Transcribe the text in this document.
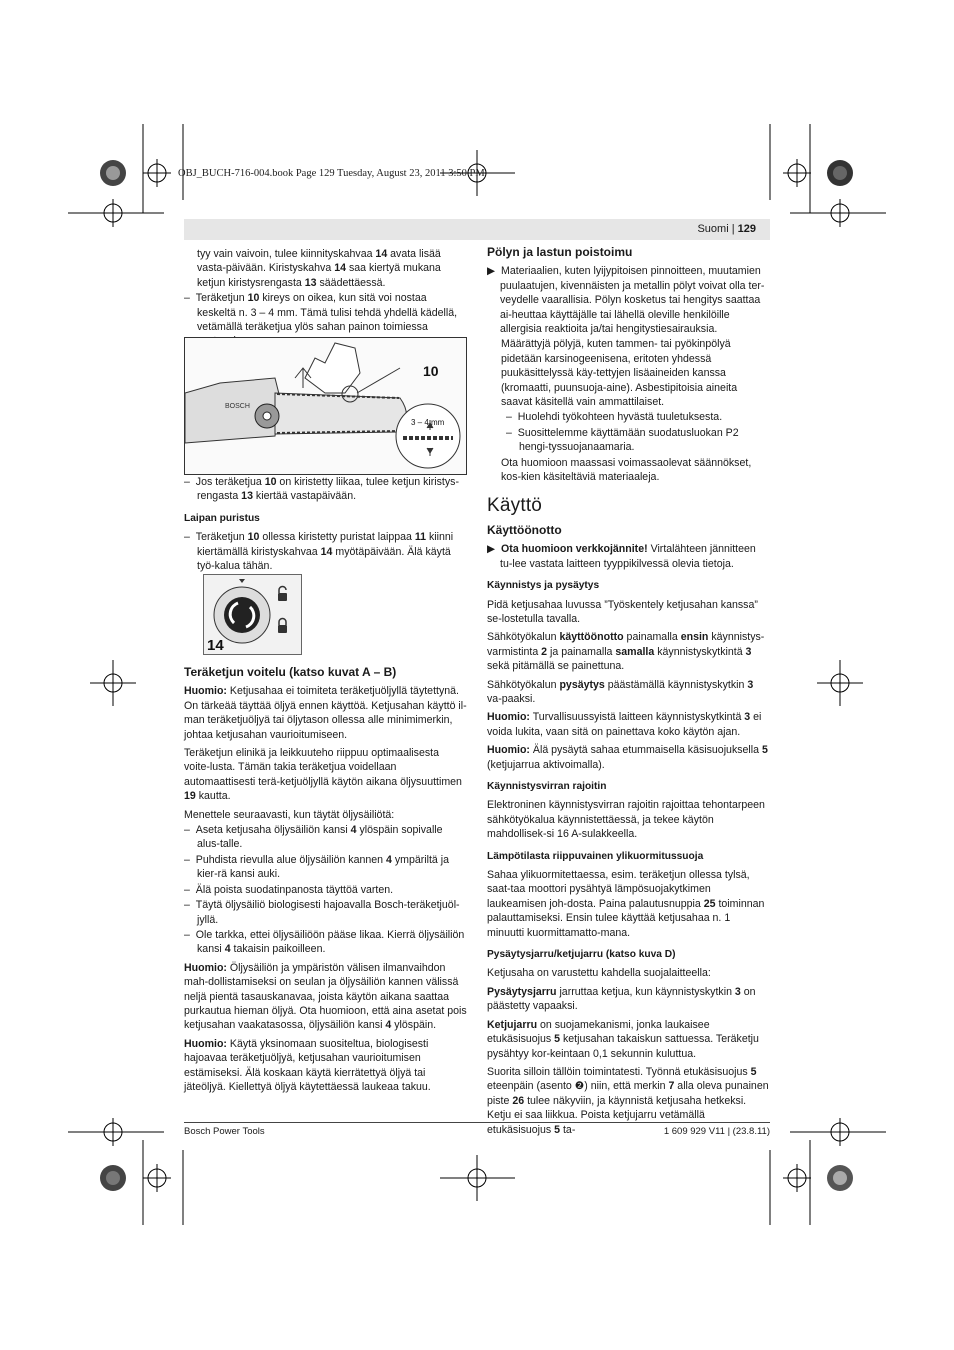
OBJ_BUCH-716-004.book Page 129 Tuesday, August 23, 2011 3:50 PM
Suomi | 129

tyy vain vaivoin, tulee kiinnityskahvaa 14 avata lisää vasta-päivään. Kiristyskahva 14 saa kiertyä mukana ketjun kiristysrengasta 13 säädettäessä.

–  Teräketjun 10 kireys on oikea, kun sitä voi nostaa keskeltä n. 3 – 4 mm. Tämä tulisi tehdä yhdellä kädellä, vetämällä teräketjua ylös sahan painon toimiessa

BOSCH
10
3 – 4 mm

–  Jos teräketjua 10 on kiristetty liikaa, tulee ketjun kiristys-rengasta 13 kiertää vastapäivään.

Laipan puristus

–  Teräketjun 10 ollessa kiristetty puristat laippaa 11 kiinni kiertämällä kiristyskahvaa 14 myötäpäivään. Älä käytä työ-kalua tähän.

14

Teräketjun voitelu (katso kuvat A – B)

Huomio: Ketjusahaa ei toimiteta teräketjuöljyllä täytettynä. On tärkeää täyttää öljyä ennen käyttöä. Ketjusahan käyttö il-man teräketjuöljyä tai öljytason ollessa alle minimimerkin, johtaa ketjusahan vaurioitumiseen.

Teräketjun elinikä ja leikkuuteho riippuu optimaalisesta voite-lusta. Tämän takia teräketjua voidellaan automaattisesti terä-ketjuöljyllä käytön aikana öljysuuttimen 19 kautta.

Menettele seuraavasti, kun täytät öljysäiliötä:

–  Aseta ketjusaha öljysäiliön kansi 4 ylöspäin sopivalle alus-talle.

–  Puhdista rievulla alue öljysäiliön kannen 4 ympäriltä ja kier-rä kansi auki.

–  Älä poista suodatinpanosta täyttöä varten.

–  Täytä öljysäiliö biologisesti hajoavalla Bosch-teräketjuöl-jyllä.

–  Ole tarkka, ettei öljysäiliöön pääse likaa. Kierrä öljysäiliön kansi 4 takaisin paikoilleen.

Huomio: Öljysäiliön ja ympäristön välisen ilmanvaihdon mah-dollistamiseksi on seulan ja öljysäiliön kannen välissä neljä pientä tasauskanavaa, joista käytön aikana saattaa purkautua hieman öljyä. Ota huomioon, että aina asetat pois ketjusahan vaakatasossa, öljysäiliön kansi 4 ylöspäin.

Huomio: Käytä yksinomaan suositeltua, biologisesti hajoavaa teräketjuöljyä, ketjusahan vaurioitumisen estämiseksi. Älä koskaan käytä kierrätettyä öljyä tai jäteöljyä. Kiellettyä öljyä käytettäessä laukeaa takuu.

Pölyn ja lastun poistoimu

▶  Materiaalien, kuten lyijypitoisen pinnoitteen, muutamien puulaatujen, kivennäisten ja metallin pölyt voivat olla ter-veydelle vaarallisia. Pölyn kosketus tai hengitys saattaa ai-heuttaa käyttäjälle tai lähellä oleville henkilöille allergisia reaktioita ja/tai hengitystiesairauksia.

Määrättyjä pölyjä, kuten tammen- tai pyökinpölyä pidetään karsinogeenisena, eritoten yhdessä puukäsittelyssä käy-tettyjen lisäaineiden kanssa (kromaatti, puunsuoja-aine). Asbestipitoisia aineita saavat käsitellä vain ammattilaiset.

–  Huolehdi työkohteen hyvästä tuuletuksesta.

–  Suosittelemme käyttämään suodatusluokan P2 hengi-tyssuojanaamaria.

Ota huomioon maassasi voimassaolevat säännökset, kos-kien käsiteltäviä materiaaleja.

Käyttö

Käyttöönotto

▶  Ota huomioon verkkojännite! Virtalähteen jännitteen tu-lee vastata laitteen tyyppikilvessä olevia tietoja.

Käynnistys ja pysäytys

Pidä ketjusahaa luvussa ”Työskentely ketjusahan kanssa” se-lostetulla tavalla.

Sähkötyökalun käyttöönotto painamalla ensin käynnistys-varmistinta 2 ja painamalla samalla käynnistyskytkintä 3 sekä pitämällä se painettuna.

Sähkötyökalun pysäytys päästämällä käynnistyskytkin 3 va-paaksi.

Huomio: Turvallisuussyistä laitteen käynnistyskytkintä 3 ei voida lukita, vaan sitä on painettava koko käytön ajan.

Huomio: Älä pysäytä sahaa etummaisella käsisuojuksella 5 (ketjujarrua aktivoimalla).

Käynnistysvirran rajoitin

Elektroninen käynnistysvirran rajoitin rajoittaa tehontarpeen sähkötyökalua käynnistettäessä, ja tekee käytön mahdollisek-si 16 A-sulakkeella.

Lämpötilasta riippuvainen ylikuormitussuoja

Sahaa ylikuormitettaessa, esim. teräketjun ollessa tylsä, saat-taa moottori pysähtyä lämpösuojakytkimen laukeamisen joh-dosta. Paina palautusnuppia 25 toiminnan palauttamiseksi. Ensin tulee käyttää ketjusahaa n. 1 minuutti kuormittamatto-mana.

Pysäytysjarru/ketjujarru (katso kuva D)

Ketjusaha on varustettu kahdella suojalaitteella:

Pysäytysjarru jarruttaa ketjua, kun käynnistyskytkin 3 on päästetty vapaaksi.

Ketjujarru on suojamekanismi, jonka laukaisee etukäsisuojus 5 ketjusahan takaiskun sattuessa. Teräketju pysähtyy kor-keintaan 0,1 sekunnin kuluttua.

Suorita silloin tällöin toimintatesti. Työnnä etukäsisuojus 5 eteenpäin (asento ❷) niin, että merkin 7 alla oleva punainen piste 26 tulee näkyviin, ja käynnistä ketjusaha hetkeksi. Ketju ei saa liikkua. Poista ketjujarru vetämällä etukäsisuojus 5 ta-

Bosch Power Tools	1 609 929 V11 | (23.8.11)
